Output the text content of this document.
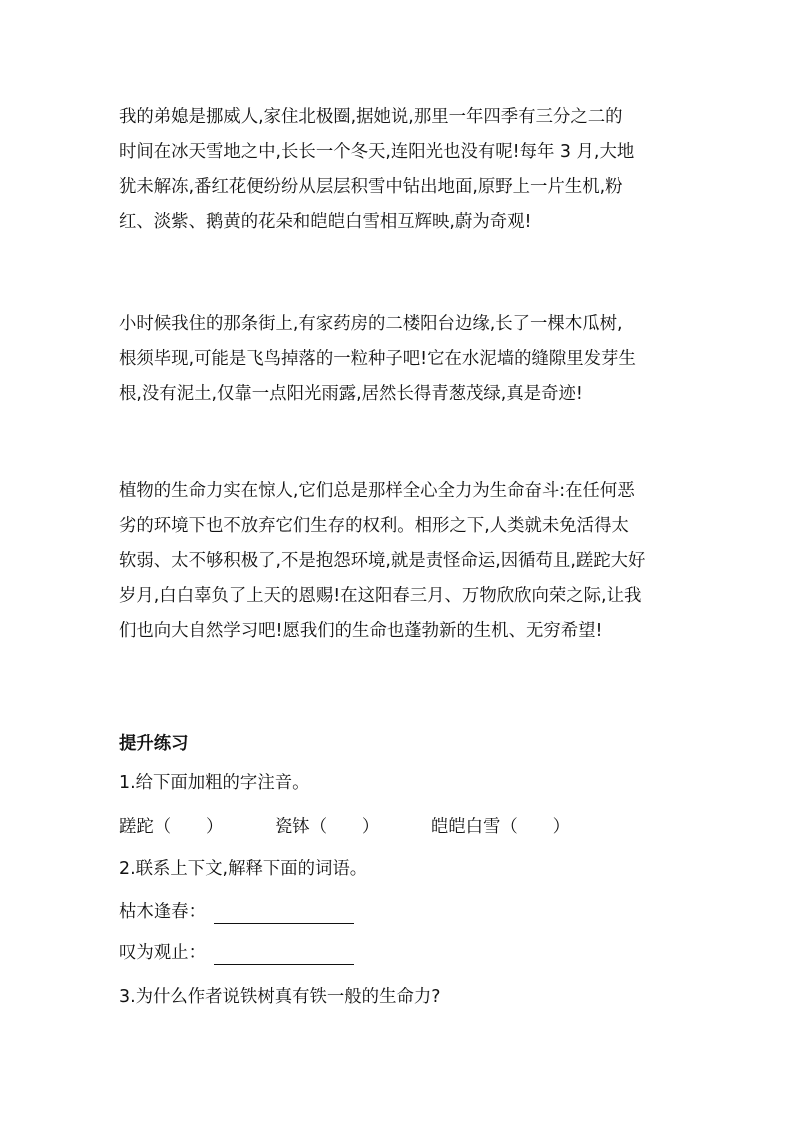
我的弟媳是挪威人,家住北极圈,据她说,那里一年四季有三分之二的
时间在冰天雪地之中,长长一个冬天,连阳光也没有呢!每年 3 月,大地
犹未解冻,番红花便纷纷从层层积雪中钻出地面,原野上一片生机,粉
红、淡紫、鹅黄的花朵和皑皑白雪相互辉映,蔚为奇观!

小时候我住的那条街上,有家药房的二楼阳台边缘,长了一棵木瓜树,
根须毕现,可能是飞鸟掉落的一粒种子吧!它在水泥墙的缝隙里发芽生
根,没有泥土,仅靠一点阳光雨露,居然长得青葱茂绿,真是奇迹!

植物的生命力实在惊人,它们总是那样全心全力为生命奋斗:在任何恶
劣的环境下也不放弃它们生存的权利。相形之下,人类就未免活得太
软弱、太不够积极了,不是抱怨环境,就是责怪命运,因循苟且,蹉跎大好
岁月,白白辜负了上天的恩赐!在这阳春三月、万物欣欣向荣之际,让我
们也向大自然学习吧!愿我们的生命也蓬勃新的生机、无穷希望!

提升练习
1.给下面加粗的字注音。
蹉跎（　　）	瓷钵（　　）	皑皑白雪（　　）
2.联系上下文,解释下面的词语。
枯木逢春：
叹为观止：
3.为什么作者说铁树真有铁一般的生命力?
